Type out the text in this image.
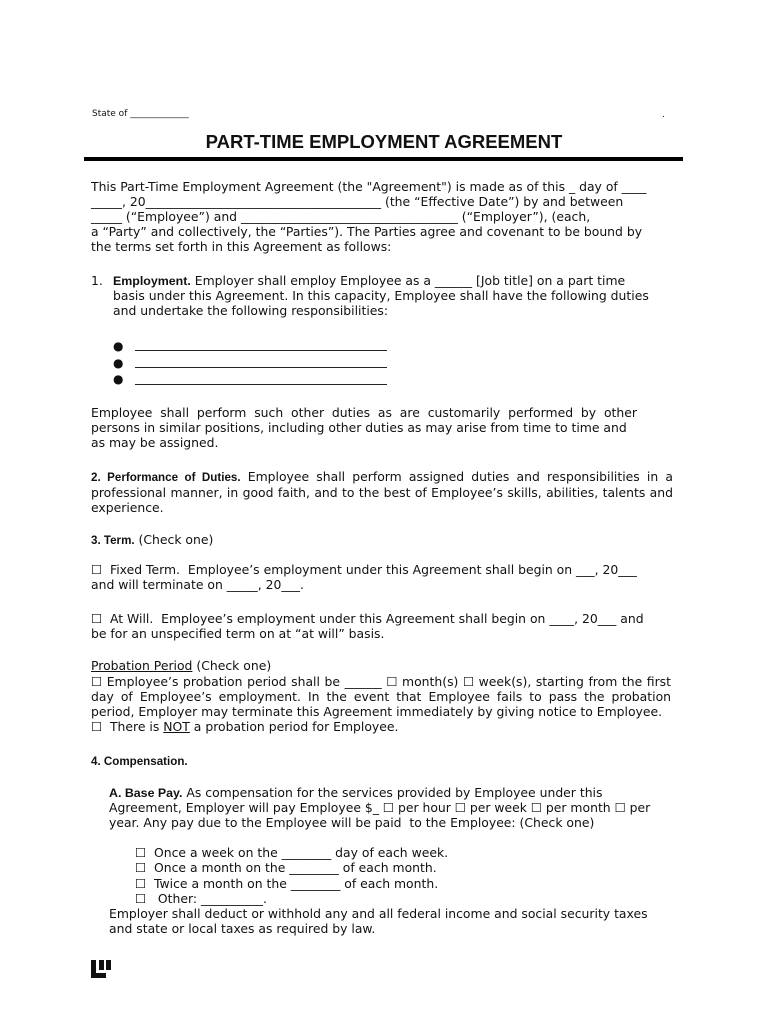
State of _____________	.
PART-TIME EMPLOYMENT AGREEMENT
This Part-Time Employment Agreement (the "Agreement") is made as of this _ day of ____
_____, 20______________________________________ (the “Effective Date”) by and between
_____ (“Employee”) and ___________________________________ (“Employer”), (each,
a “Party” and collectively, the “Parties”). The Parties agree and covenant to be bound by
the terms set forth in this Agreement as follows:
1. Employment. Employer shall employ Employee as a ______ [Job title] on a part time
basis under this Agreement. In this capacity, Employee shall have the following duties
and undertake the following responsibilities:
●
●
●
Employee shall perform such other duties as are customarily performed by other persons in similar positions, including other duties as may arise from time to time and
as may be assigned.
2. Performance of Duties. Employee shall perform assigned duties and responsibilities in a professional manner, in good faith, and to the best of Employee’s skills, abilities, talents and experience.
3. Term. (Check one)
☐  Fixed Term.  Employee’s employment under this Agreement shall begin on ___, 20___
and will terminate on _____, 20___.
☐  At Will.  Employee’s employment under this Agreement shall begin on ____, 20___ and
be for an unspecified term on at “at will” basis.
Probation Period (Check one)
☐ Employee’s probation period shall be ______ ☐ month(s) ☐ week(s), starting from the first day of Employee’s employment. In the event that Employee fails to pass the probation period, Employer may terminate this Agreement immediately by giving notice to Employee.
☐  There is NOT a probation period for Employee.
4. Compensation.
A. Base Pay. As compensation for the services provided by Employee under this
Agreement, Employer will pay Employee $_ ☐ per hour ☐ per week ☐ per month ☐ per
year. Any pay due to the Employee will be paid  to the Employee: (Check one)
☐  Once a week on the ________ day of each week.
☐  Once a month on the ________ of each month.
☐  Twice a month on the ________ of each month.
☐   Other: __________.
Employer shall deduct or withhold any and all federal income and social security taxes
and state or local taxes as required by law.
